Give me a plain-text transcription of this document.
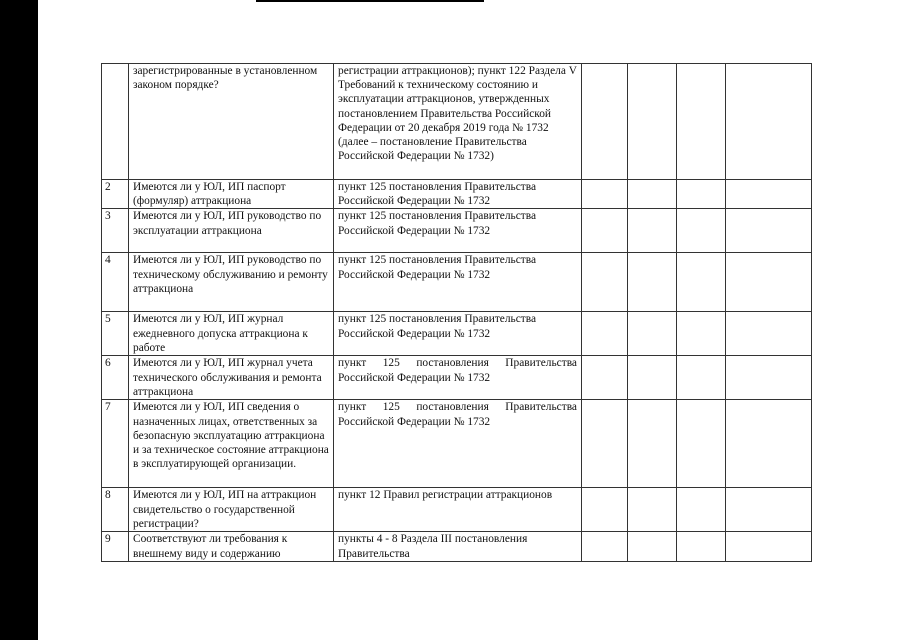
	зарегистрированные в установленном законом порядке?	регистрации аттракционов); пункт 122 Раздела V Требований к техническому состоянию и эксплуатации аттракционов, утвержденных постановлением Правительства Российской Федерации от 20 декабря 2019 года № 1732 (далее – постановление Правительства Российской Федерации № 1732)				
2	Имеются ли у ЮЛ, ИП паспорт (формуляр) аттракциона	пункт 125 постановления Правительства Российской Федерации № 1732				
3	Имеются ли у ЮЛ, ИП руководство по эксплуатации аттракциона	пункт 125 постановления Правительства Российской Федерации № 1732				
4	Имеются ли у ЮЛ, ИП руководство по техническому обслуживанию и ремонту аттракциона	пункт 125 постановления Правительства Российской Федерации № 1732				
5	Имеются ли у ЮЛ, ИП журнал ежедневного допуска аттракциона к работе	пункт 125 постановления Правительства Российской Федерации № 1732				
6	Имеются ли у ЮЛ, ИП журнал учета технического обслуживания и ремонта аттракциона	пункт 125 постановления Правительства Российской Федерации № 1732				
7	Имеются ли у ЮЛ, ИП сведения о назначенных лицах, ответственных за безопасную эксплуатацию аттракциона и за техническое состояние аттракциона в эксплуатирующей организации.	пункт 125 постановления Правительства Российской Федерации № 1732				
8	Имеются ли у ЮЛ, ИП на аттракцион свидетельство о государственной регистрации?	пункт 12 Правил регистрации аттракционов				
9	Соответствуют ли требования к внешнему виду и содержанию	пункты 4 - 8 Раздела III постановления Правительства				
